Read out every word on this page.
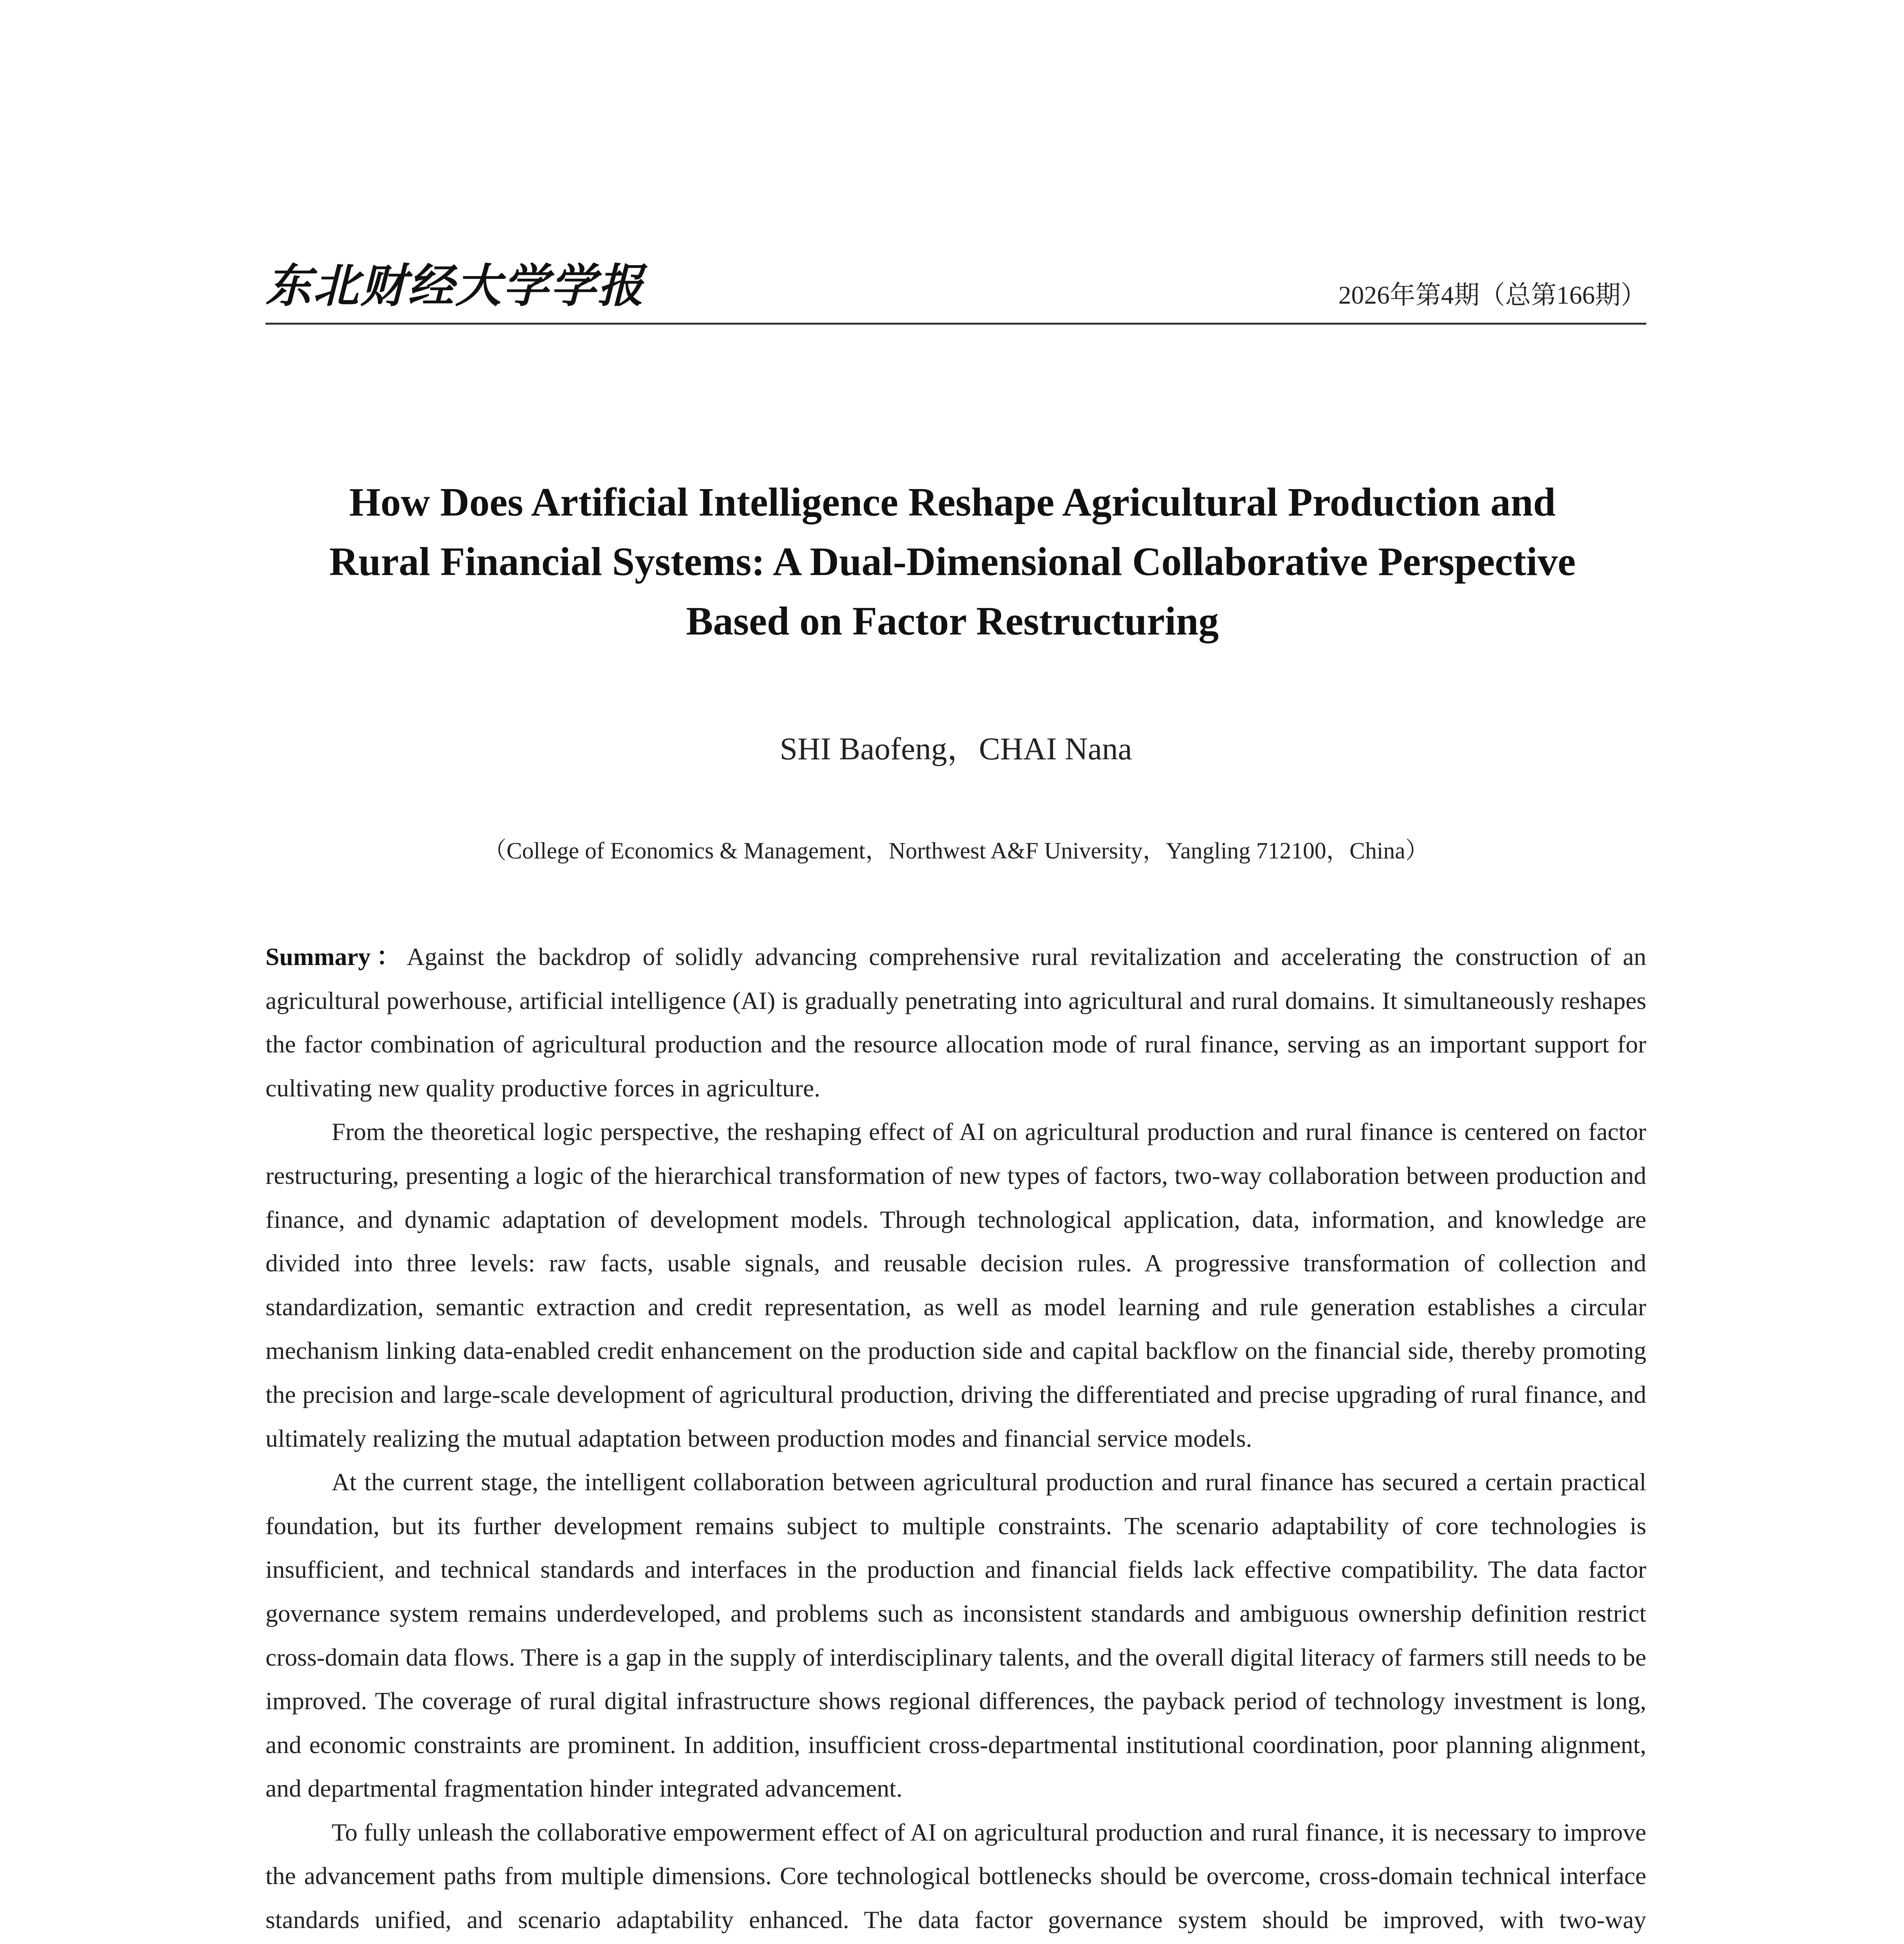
东北财经大学学报	2026年第4期（总第166期）
How Does Artificial Intelligence Reshape Agricultural Production and
Rural Financial Systems: A Dual-Dimensional Collaborative Perspective
Based on Factor Restructuring
SHI Baofeng，CHAI Nana
（College of Economics & Management，Northwest A&F University，Yangling 712100，China）

Summary：Against the backdrop of solidly advancing comprehensive rural revitalization and accelerating the construction of an agricultural powerhouse, artificial intelligence (AI) is gradually penetrating into agricultural and rural domains. It simultaneously reshapes the factor combination of agricultural production and the resource allocation mode of rural finance, serving as an important support for cultivating new quality productive forces in agriculture.

From the theoretical logic perspective, the reshaping effect of AI on agricultural production and rural finance is centered on factor restructuring, presenting a logic of the hierarchical transformation of new types of factors, two-way collaboration between production and finance, and dynamic adaptation of development models. Through technological application, data, information, and knowledge are divided into three levels: raw facts, usable signals, and reusable decision rules. A progressive transformation of collection and standardization, semantic extraction and credit representation, as well as model learning and rule generation establishes a circular mechanism linking data-enabled credit enhancement on the production side and capital backflow on the financial side, thereby promoting the precision and large-scale development of agricultural production, driving the differentiated and precise upgrading of rural finance, and ultimately realizing the mutual adaptation between production modes and financial service models.

At the current stage, the intelligent collaboration between agricultural production and rural finance has secured a certain practical foundation, but its further development remains subject to multiple constraints. The scenario adaptability of core technologies is insufficient, and technical standards and interfaces in the production and financial fields lack effective compatibility. The data factor governance system remains underdeveloped, and problems such as inconsistent standards and ambiguous ownership definition restrict cross-domain data flows. There is a gap in the supply of interdisciplinary talents, and the overall digital literacy of farmers still needs to be improved. The coverage of rural digital infrastructure shows regional differences, the payback period of technology investment is long, and economic constraints are prominent. In addition, insufficient cross-departmental institutional coordination, poor planning alignment, and departmental fragmentation hinder integrated advancement.

To fully unleash the collaborative empowerment effect of AI on agricultural production and rural finance, it is necessary to improve the advancement paths from multiple dimensions. Core technological bottlenecks should be overcome, cross-domain technical interface standards unified, and scenario adaptability enhanced. The data factor governance system should be improved, with two-way
